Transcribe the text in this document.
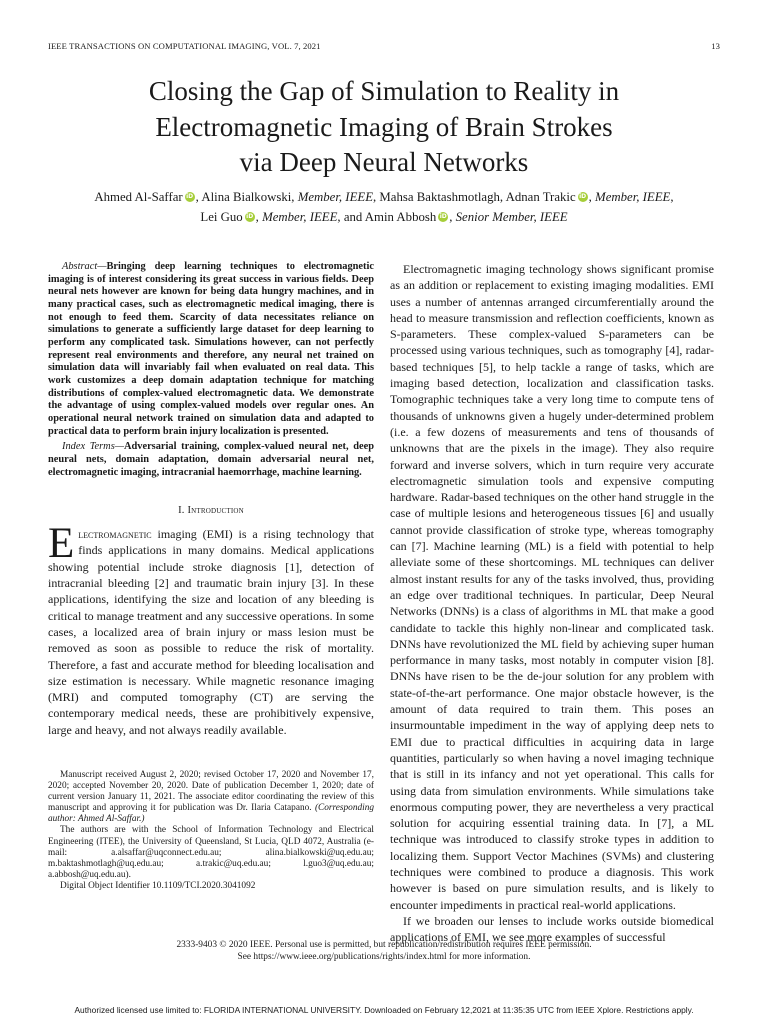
IEEE TRANSACTIONS ON COMPUTATIONAL IMAGING, VOL. 7, 2021	13
Closing the Gap of Simulation to Reality in
Electromagnetic Imaging of Brain Strokes
via Deep Neural Networks
Ahmed Al-Saffar iD , Alina Bialkowski, Member, IEEE, Mahsa Baktashmotlagh, Adnan Trakic iD , Member, IEEE,
Lei Guo iD , Member, IEEE, and Amin Abbosh iD , Senior Member, IEEE

Abstract—Bringing deep learning techniques to electromagnetic imaging is of interest considering its great success in various fields. Deep neural nets however are known for being data hungry machines, and in many practical cases, such as electromagnetic medical imaging, there is not enough to feed them. Scarcity of data necessitates reliance on simulations to generate a sufficiently large dataset for deep learning to perform any complicated task. Simulations however, can not perfectly represent real environments and therefore, any neural net trained on simulation data will invariably fail when evaluated on real data. This work customizes a deep domain adaptation technique for matching distributions of complex-valued electromagnetic data. We demonstrate the advantage of using complex-valued models over regular ones. An operational neural network trained on simulation data and adapted to practical data to perform brain injury localization is presented.

Index Terms—Adversarial training, complex-valued neural net, deep neural nets, domain adaptation, domain adversarial neural net, electromagnetic imaging, intracranial haemorrhage, machine learning.

I. Introduction

Electromagnetic imaging (EMI) is a rising technology that finds applications in many domains. Medical applications showing potential include stroke diagnosis [1], detection of intracranial bleeding [2] and traumatic brain injury [3]. In these applications, identifying the size and location of any bleeding is critical to manage treatment and any successive operations. In some cases, a localized area of brain injury or mass lesion must be removed as soon as possible to reduce the risk of mortality. Therefore, a fast and accurate method for bleeding localisation and size estimation is necessary. While magnetic resonance imaging (MRI) and computed tomography (CT) are serving the contemporary medical needs, these are prohibitively expensive, large and heavy, and not always readily available.

Manuscript received August 2, 2020; revised October 17, 2020 and November 17, 2020; accepted November 20, 2020. Date of publication December 1, 2020; date of current version January 11, 2021. The associate editor coordinating the review of this manuscript and approving it for publication was Dr. Ilaria Catapano. (Corresponding author: Ahmed Al-Saffar.)

The authors are with the School of Information Technology and Electrical Engineering (ITEE), the University of Queensland, St Lucia, QLD 4072, Australia (e-mail: a.alsaffar@uqconnect.edu.au; alina.bialkowski@uq.edu.au; m.baktashmotlagh@uq.edu.au; a.trakic@uq.edu.au; l.guo3@uq.edu.au; a.abbosh@uq.edu.au).

Digital Object Identifier 10.1109/TCI.2020.3041092

Electromagnetic imaging technology shows significant promise as an addition or replacement to existing imaging modalities. EMI uses a number of antennas arranged circumferentially around the head to measure transmission and reflection coefficients, known as S-parameters. These complex-valued S-parameters can be processed using various techniques, such as tomography [4], radar-based techniques [5], to help tackle a range of tasks, which are imaging based detection, localization and classification tasks. Tomographic techniques take a very long time to compute tens of thousands of unknowns given a hugely under-determined problem (i.e. a few dozens of measurements and tens of thousands of unknowns that are the pixels in the image). They also require forward and inverse solvers, which in turn require very accurate electromagnetic simulation tools and expensive computing hardware. Radar-based techniques on the other hand struggle in the case of multiple lesions and heterogeneous tissues [6] and usually cannot provide classification of stroke type, whereas tomography can [7]. Machine learning (ML) is a field with potential to help alleviate some of these shortcomings. ML techniques can deliver almost instant results for any of the tasks involved, thus, providing an edge over traditional techniques. In particular, Deep Neural Networks (DNNs) is a class of algorithms in ML that make a good candidate to tackle this highly non-linear and complicated task. DNNs have revolutionized the ML field by achieving super human performance in many tasks, most notably in computer vision [8]. DNNs have risen to be the de-jour solution for any problem with state-of-the-art performance. One major obstacle however, is the amount of data required to train them. This poses an insurmountable impediment in the way of applying deep nets to EMI due to practical difficulties in acquiring data in large quantities, particularly so when having a novel imaging technique that is still in its infancy and not yet operational. This calls for using data from simulation environments. While simulations take enormous computing power, they are nevertheless a very practical solution for acquiring essential training data. In [7], a ML technique was introduced to classify stroke types in addition to localizing them. Support Vector Machines (SVMs) and clustering techniques were combined to produce a diagnosis. This work however is based on pure simulation results, and is likely to encounter impediments in practical real-world applications.

If we broaden our lenses to include works outside biomedical applications of EMI, we see more examples of successful

2333-9403 © 2020 IEEE. Personal use is permitted, but republication/redistribution requires IEEE permission.
See https://www.ieee.org/publications/rights/index.html for more information.
Authorized licensed use limited to: FLORIDA INTERNATIONAL UNIVERSITY. Downloaded on February 12,2021 at 11:35:35 UTC from IEEE Xplore. Restrictions apply.
